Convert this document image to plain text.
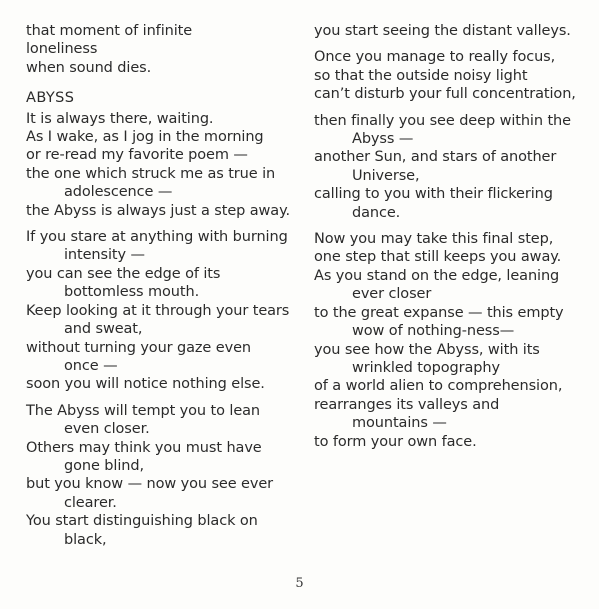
that moment of infinite
loneliness
when sound dies.
ABYSS
It is always there, waiting.
As I wake, as I jog in the morning
or re-read my favorite poem —
the one which struck me as true in
adolescence —
the Abyss is always just a step away.
If you stare at anything with burning
intensity —
you can see the edge of its
bottomless mouth.
Keep looking at it through your tears
and sweat,
without turning your gaze even
once —
soon you will notice nothing else.
The Abyss will tempt you to lean
even closer.
Others may think you must have
gone blind,
but you know — now you see ever
clearer.
You start distinguishing black on
black,
you start seeing the distant valleys.
Once you manage to really focus,
so that the outside noisy light
can’t disturb your full concentration,
then finally you see deep within the
Abyss —
another Sun, and stars of another
Universe,
calling to you with their flickering
dance.
Now you may take this final step,
one step that still keeps you away.
As you stand on the edge, leaning
ever closer
to the great expanse — this empty
wow of nothing-ness—
you see how the Abyss, with its
wrinkled topography
of a world alien to comprehension,
rearranges its valleys and
mountains —
to form your own face.
5
